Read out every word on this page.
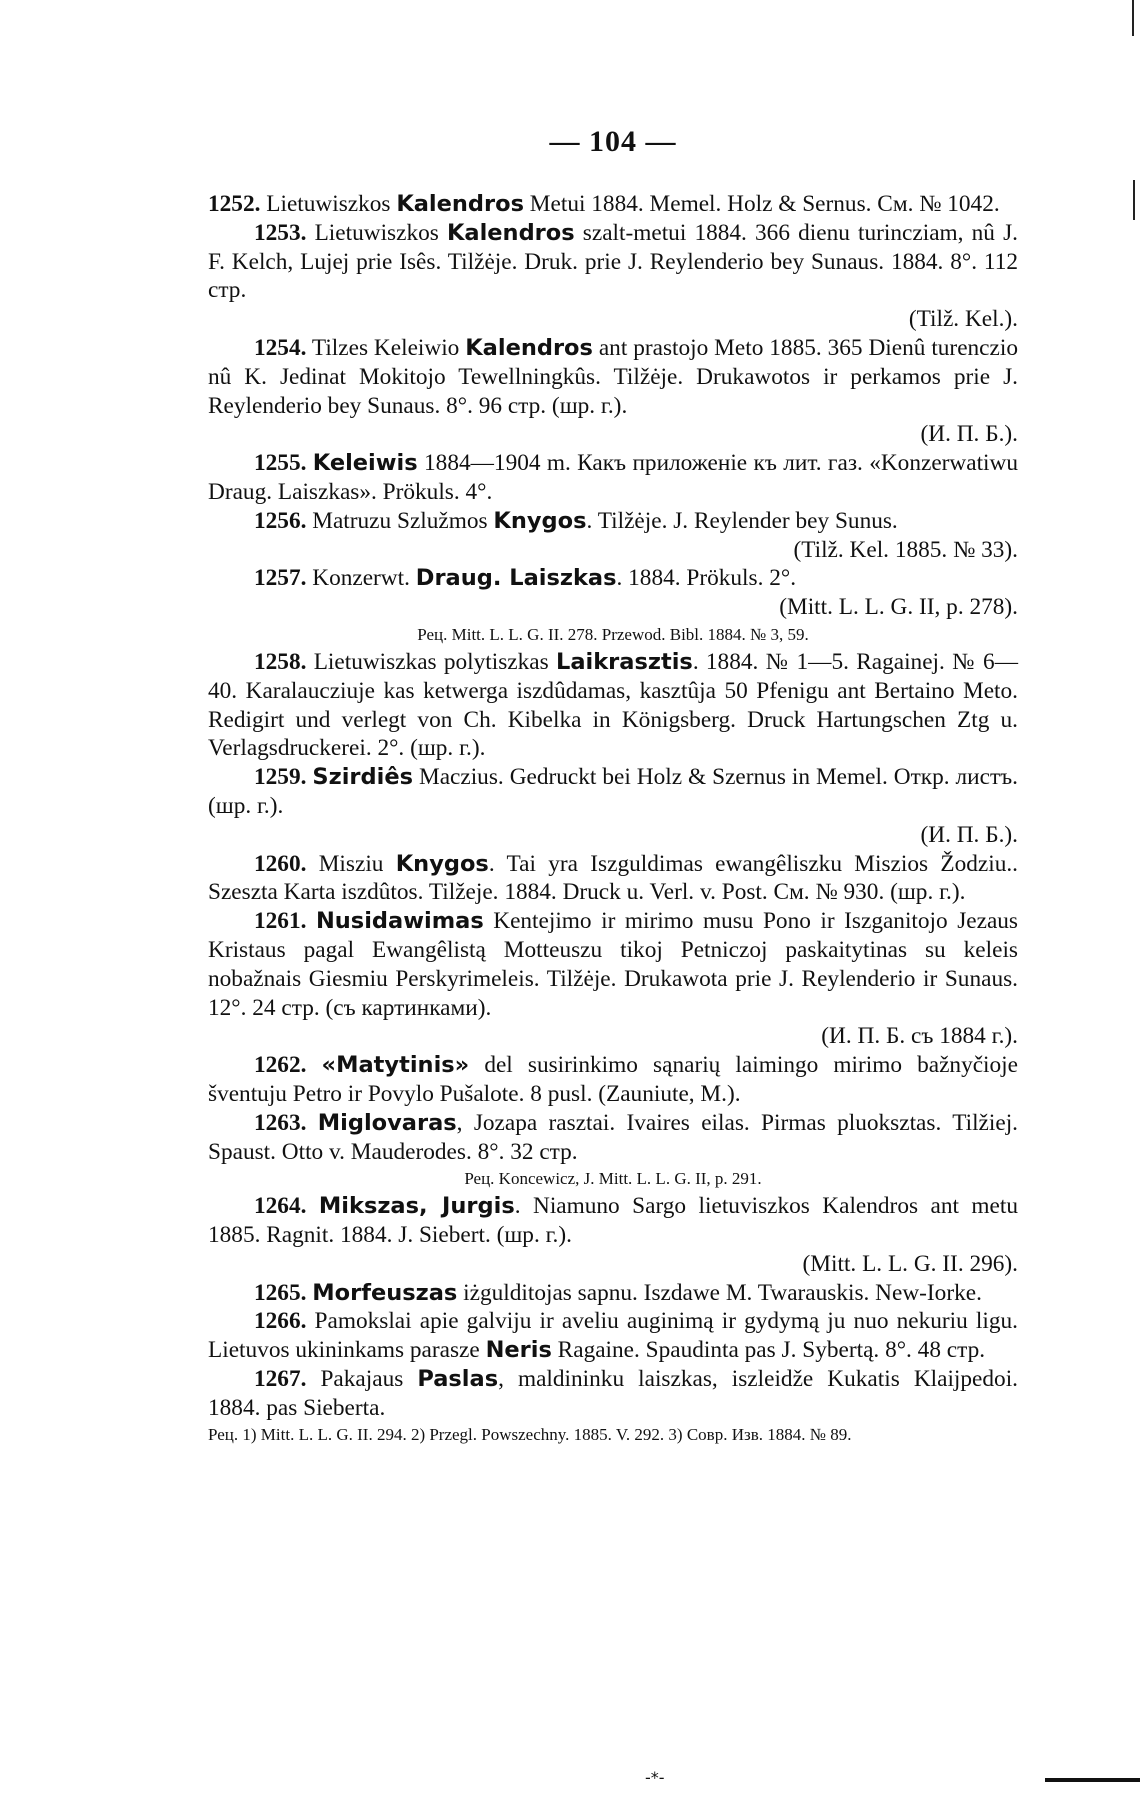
— 104 —

1252. Lietuwiszkos Kalendros Metui 1884. Memel. Holz & Sernus. См. № 1042.

1253. Lietuwiszkos Kalendros szalt-metui 1884. 366 dienu turincziam, nû J. F. Kelch, Lujej prie Isês. Tilžėje. Druk. prie J. Reylenderio bey Sunaus. 1884. 8°. 112 стр.
(Tilž. Kel.).

1254. Tilzes Keleiwio Kalendros ant prastojo Meto 1885. 365 Dienû turenczio nû K. Jedinat Mokitojo Tewellningkûs. Tilžėje. Drukawotos ir perkamos prie J. Reylenderio bey Sunaus. 8°. 96 стр. (шр. г.).
(И. П. Б.).

1255. Keleiwis 1884—1904 m. Какъ приложеніе къ лит. газ. «Konzerwatiwu Draug. Laiszkas». Prökuls. 4°.

1256. Matruzu Szlužmos Knygos. Tilžėje. J. Reylender bey Sunus.
(Tilž. Kel. 1885. № 33).

1257. Konzerwt. Draug. Laiszkas. 1884. Prökuls. 2°.
(Mitt. L. L. G. II, p. 278).
Рец. Mitt. L. L. G. II. 278. Przewod. Bibl. 1884. № 3, 59.

1258. Lietuwiszkas polytiszkas Laikrasztis. 1884. № 1—5. Ragainej. № 6—40. Karalaucziuje kas ketwerga iszdûdamas, kasztûja 50 Pfenigu ant Bertaino Meto. Redigirt und verlegt von Ch. Kibelka in Königsberg. Druck Hartungschen Ztg u. Verlagsdruckerei. 2°. (шр. г.).

1259. Szirdiês Maczius. Gedruckt bei Holz & Szernus in Memel. Откр. листъ. (шр. г.).
(И. П. Б.).

1260. Misziu Knygos. Tai yra Iszguldimas ewangêliszku Miszios Žodziu.. Szeszta Karta iszdûtos. Tilžeje. 1884. Druck u. Verl. v. Post. См. № 930. (шр. г.).

1261. Nusidawimas Kentejimo ir mirimo musu Pono ir Iszganitojo Jezaus Kristaus pagal Ewangêlistą Motteuszu tikoj Petniczoj paskaitytinas su keleis nobažnais Giesmiu Perskyrimeleis. Tilžėje. Drukawota prie J. Reylenderio ir Sunaus. 12°. 24 стр. (съ картинками).
(И. П. Б. съ 1884 г.).

1262. «Matytinis» del susirinkimo sąnarių laimingo mirimo bažnyčioje šventuju Petro ir Povylo Pušalote. 8 pusl. (Zauniute, M.).

1263. Miglovaras, Jozapa rasztai. Ivaires eilas. Pirmas pluoksztas. Tilžiej. Spaust. Otto v. Mauderodes. 8°. 32 стр.
Рец. Koncewicz, J. Mitt. L. L. G. II, p. 291.

1264. Mikszas, Jurgis. Niamuno Sargo lietuviszkos Kalendros ant metu 1885. Ragnit. 1884. J. Siebert. (шр. г.).
(Mitt. L. L. G. II. 296).

1265. Morfeuszas iżgulditojas sapnu. Iszdawe M. Twarauskis. New-Iorke.

1266. Pamokslai apie galviju ir aveliu auginimą ir gydymą ju nuo nekuriu ligu. Lietuvos ukininkams parasze Neris Ragaine. Spaudinta pas J. Sybertą. 8°. 48 стр.

1267. Pakajaus Paslas, maldininku laiszkas, iszleidže Kukatis Klaijpedoi. 1884. pas Sieberta.
Рец. 1) Mitt. L. L. G. II. 294. 2) Przegl. Powszechny. 1885. V. 292. 3) Совр. Изв. 1884. № 89.

-*-
